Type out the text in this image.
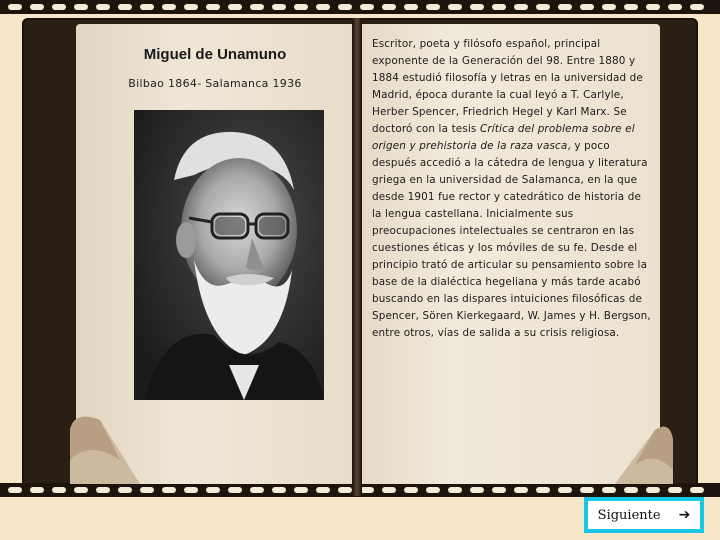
Miguel de Unamuno
Bilbao 1864- Salamanca 1936
Escritor, poeta y filósofo español, principal exponente de la Generación del 98. Entre 1880 y 1884 estudió filosofía y letras en la universidad de Madrid, época durante la cual leyó a T. Carlyle, Herber Spencer, Friedrich Hegel y Karl Marx. Se doctoró con la tesis Crítica del problema sobre el origen y prehistoria de la raza vasca, y poco después accedió a la cátedra de lengua y literatura griega en la universidad de Salamanca, en la que desde 1901 fue rector y catedrático de historia de la lengua castellana. Inicialmente sus preocupaciones intelectuales se centraron en las cuestiones éticas y los móviles de su fe. Desde el principio trató de articular su pensamiento sobre la base de la dialéctica hegeliana y más tarde acabó buscando en las dispares intuiciones filosóficas de Spencer, Sören Kierkegaard, W. James y H. Bergson, entre otros, vías de salida a su crisis religiosa.
Siguiente ➔
